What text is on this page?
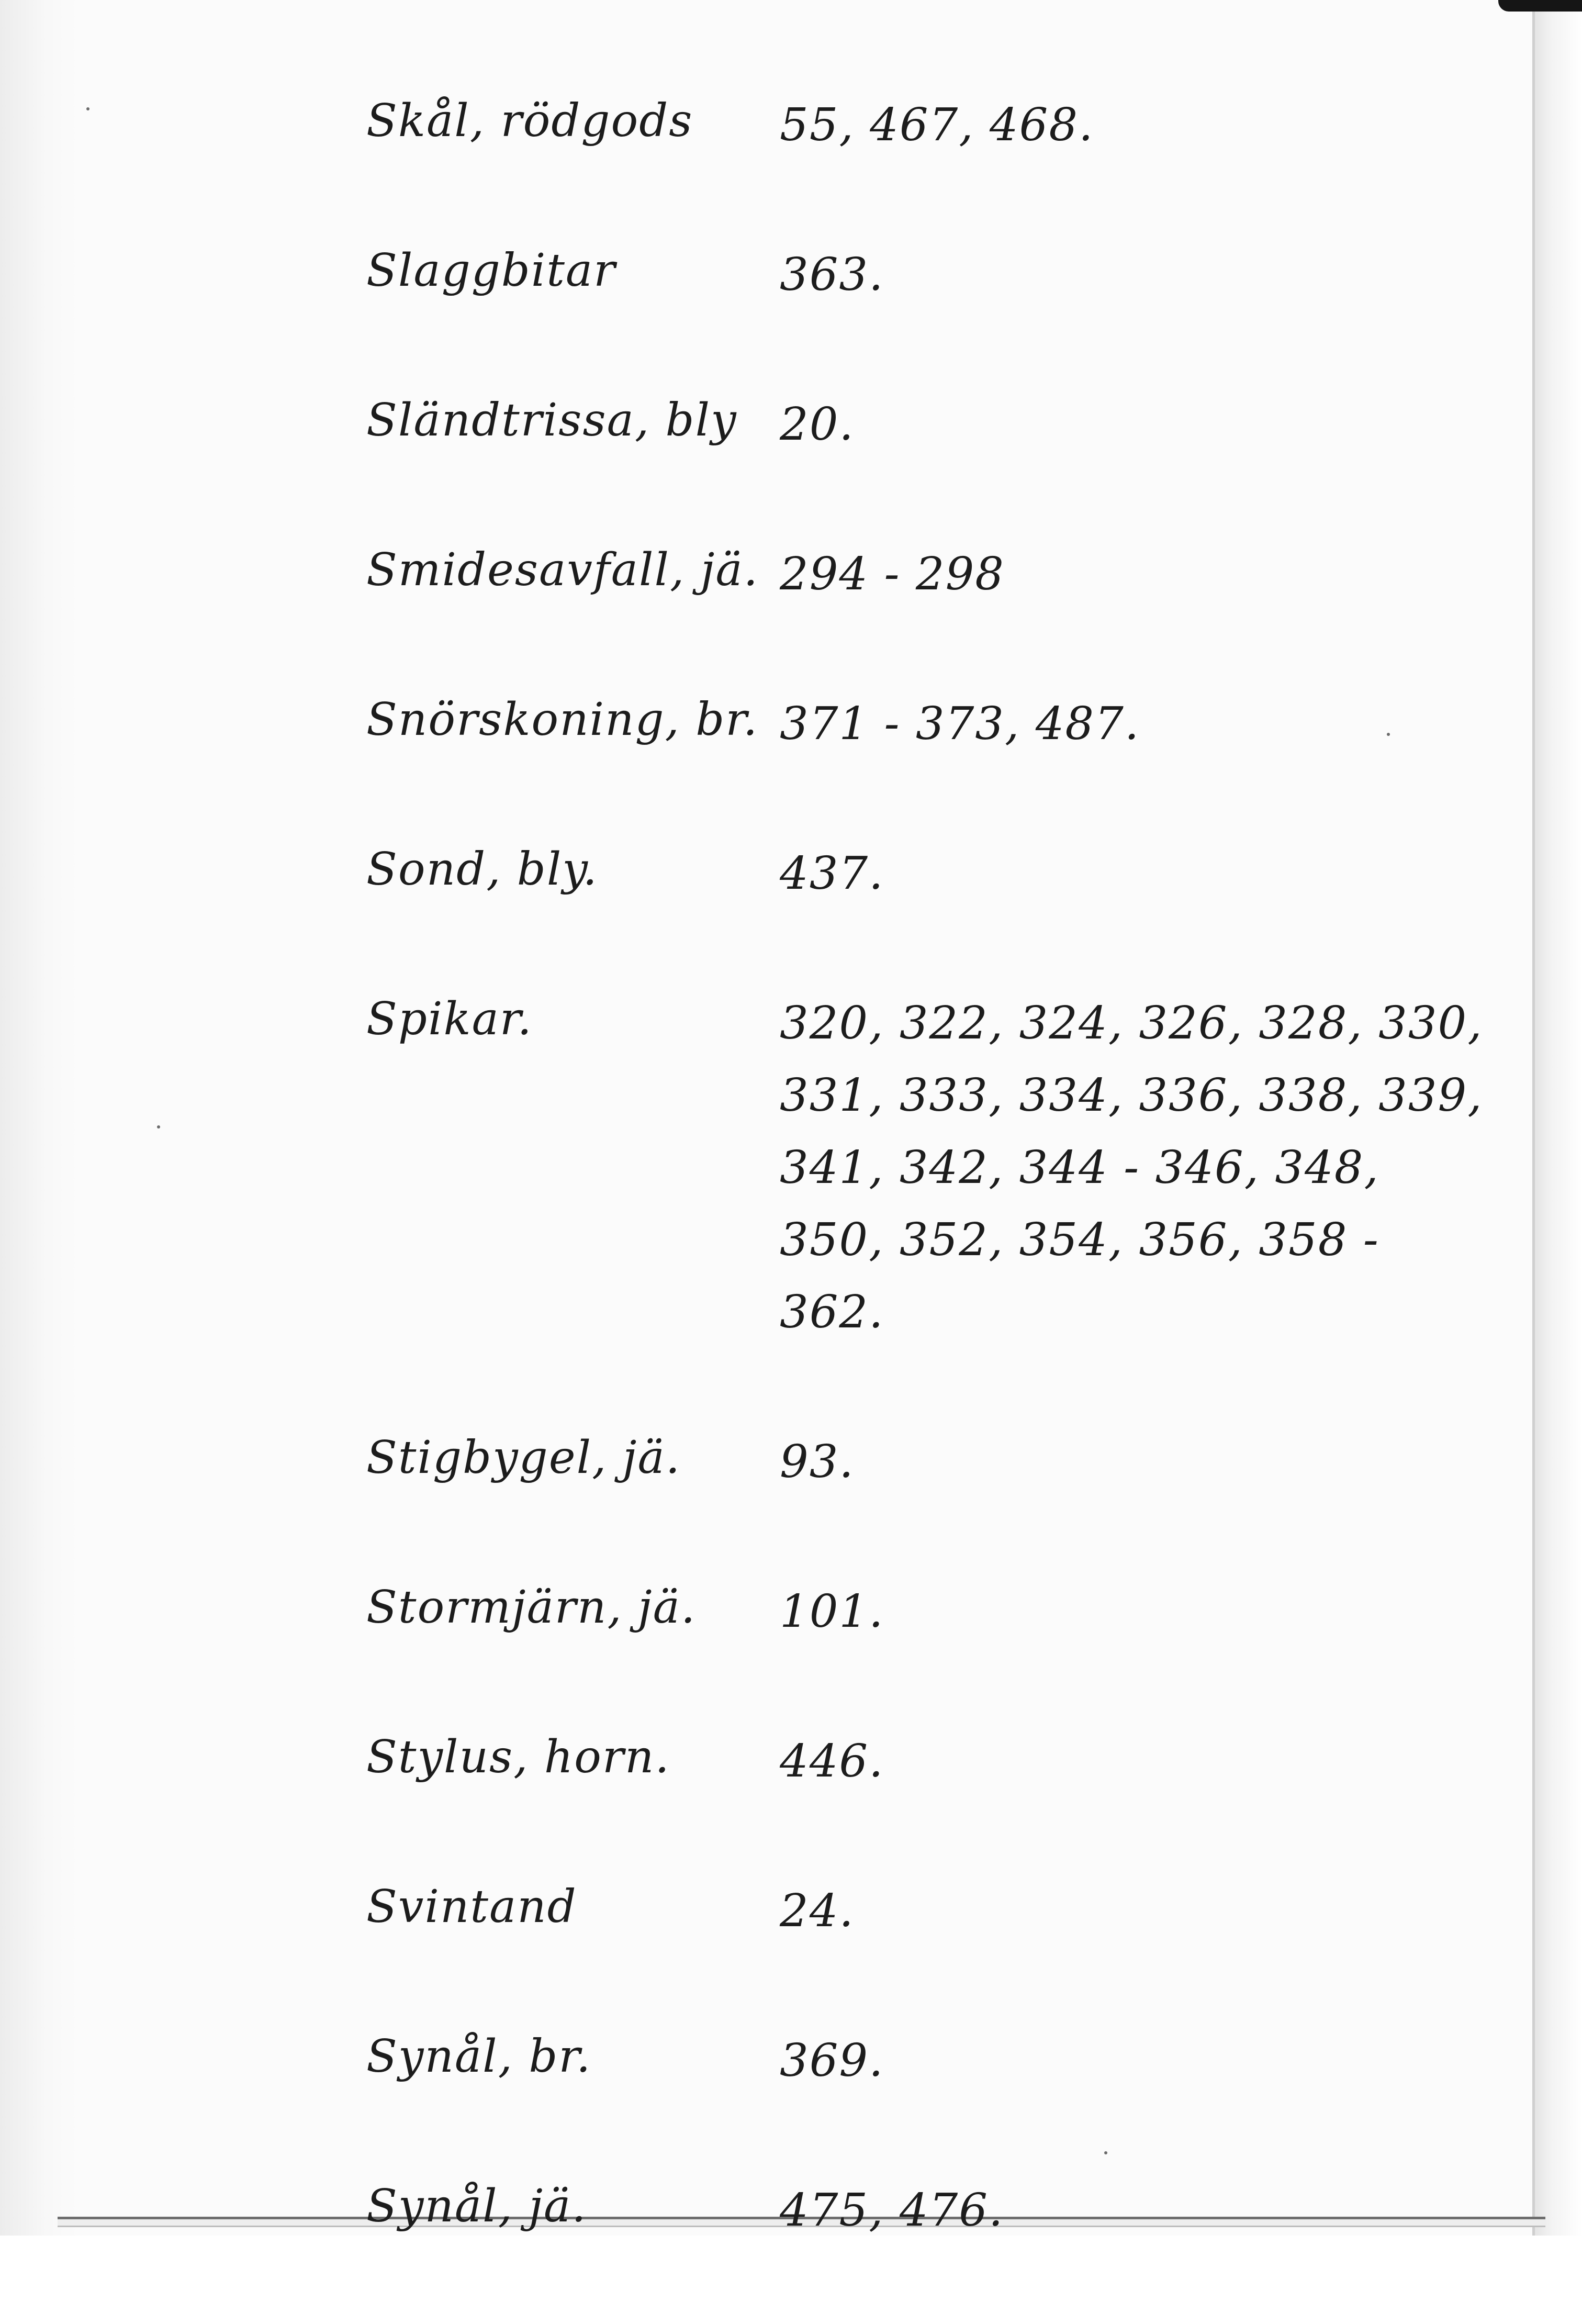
Skål, rödgods	55, 467, 468.
Slaggbitar	363.
Sländtrissa, bly 20.
Smidesavfall, jä. 294 - 298
Snörskoning, br. 371 - 373, 487.
Sond, bly.	437.
Spikar.	320, 322, 324, 326, 328, 330, 331, 333, 334, 336, 338, 339, 341, 342, 344 - 346, 348, 350, 352, 354, 356, 358 - 362.
Stigbygel, jä.	93.
Stormjärn, jä.	101.
Stylus, horn.	446.
Svintand	24.
Synål, br.	369.
Synål, jä.	475, 476.
